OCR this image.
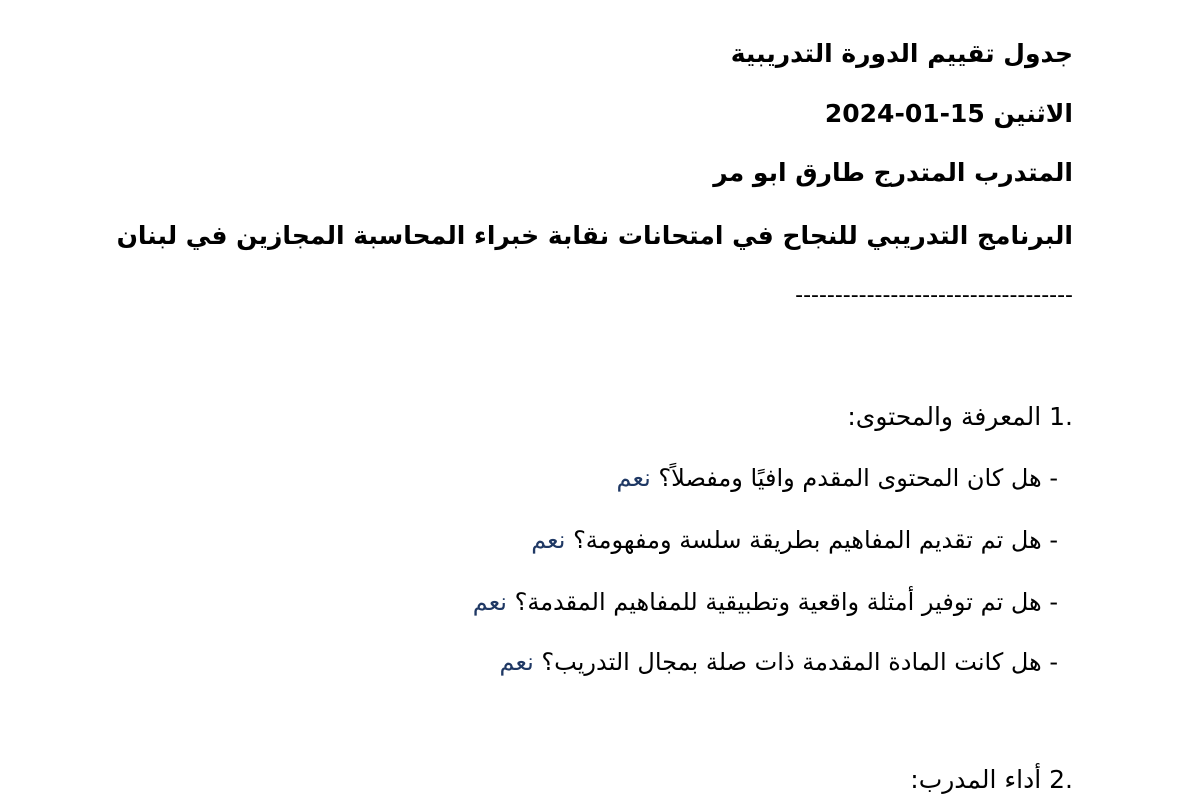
جدول تقييم الدورة التدريبية
الاثنين 15-01-2024
المتدرب المتدرج طارق ابو مر
البرنامج التدريبي للنجاح في امتحانات نقابة خبراء المحاسبة المجازين في لبنان
-----------------------------------
1. المعرفة والمحتوى:
- هل كان المحتوى المقدم وافيًا ومفصلاً؟ نعم
- هل تم تقديم المفاهيم بطريقة سلسة ومفهومة؟ نعم
- هل تم توفير أمثلة واقعية وتطبيقية للمفاهيم المقدمة؟ نعم
- هل كانت المادة المقدمة ذات صلة بمجال التدريب؟ نعم
2. أداء المدرب:
